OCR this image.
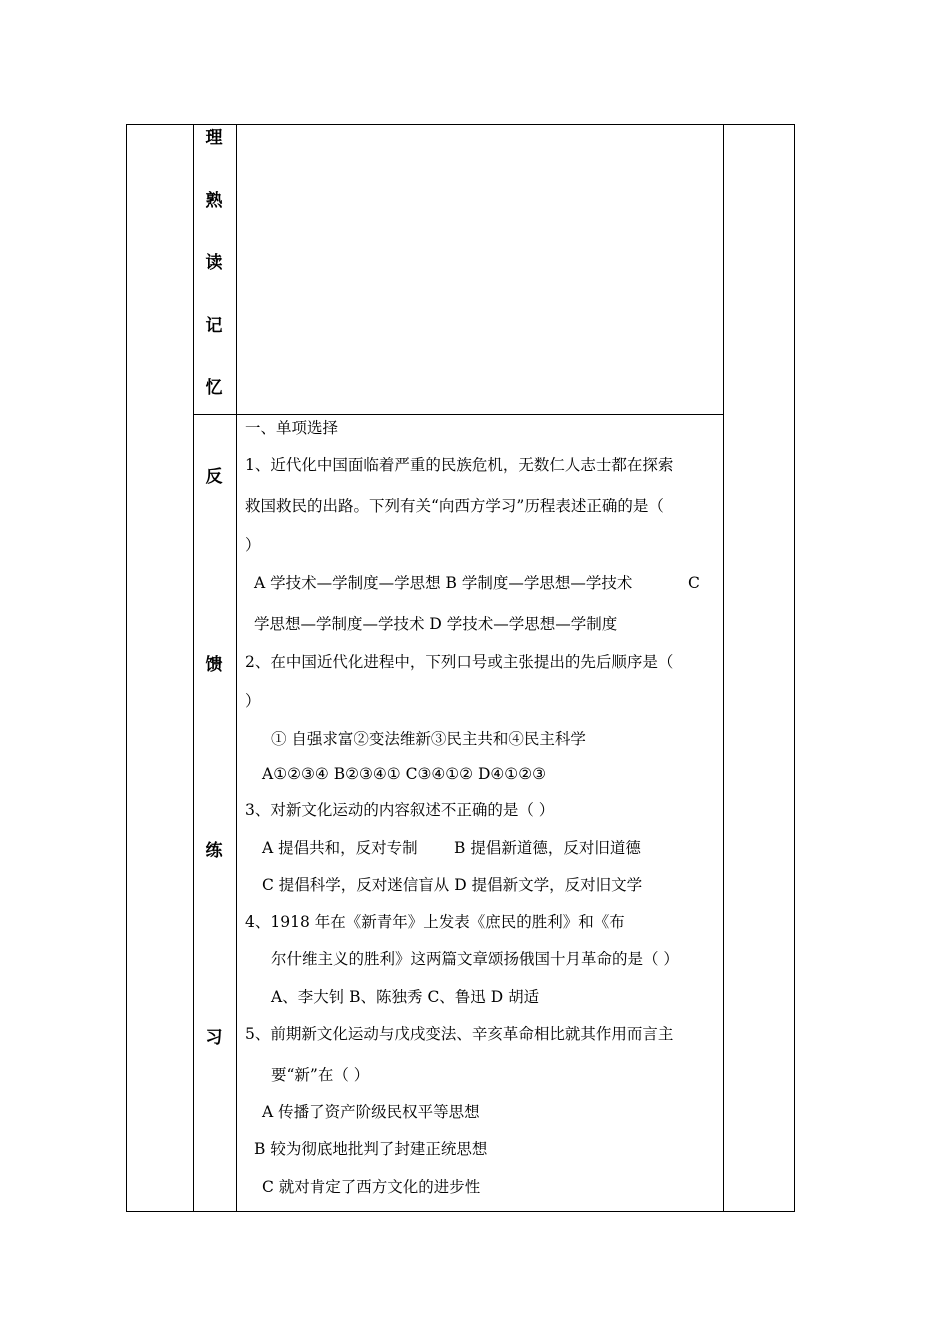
理
熟
读
记
忆
反
馈
练
习
一、单项选择
1、近代化中国面临着严重的民族危机，无数仁人志士都在探索
救国救民的出路。下列有关“向西方学习”历程表述正确的是（
）
A 学技术—学制度—学思想 B 学制度—学思想—学技术	C
学思想—学制度—学技术 D 学技术—学思想—学制度
2、在中国近代化进程中，下列口号或主张提出的先后顺序是（
）
① 自强求富②变法维新③民主共和④民主科学
A①②③④ B②③④① C③④①② D④①②③
3、对新文化运动的内容叙述不正确的是（ ）
A 提倡共和，反对专制 B 提倡新道德，反对旧道德
C 提倡科学，反对迷信盲从 D 提倡新文学，反对旧文学
4、1918 年在《新青年》上发表《庶民的胜利》和《布
尔什维主义的胜利》这两篇文章颂扬俄国十月革命的是（ ）
A、李大钊 B、陈独秀 C、鲁迅 D 胡适
5、前期新文化运动与戊戌变法、辛亥革命相比就其作用而言主
要“新”在（ ）
A 传播了资产阶级民权平等思想
B 较为彻底地批判了封建正统思想
C 就对肯定了西方文化的进步性
